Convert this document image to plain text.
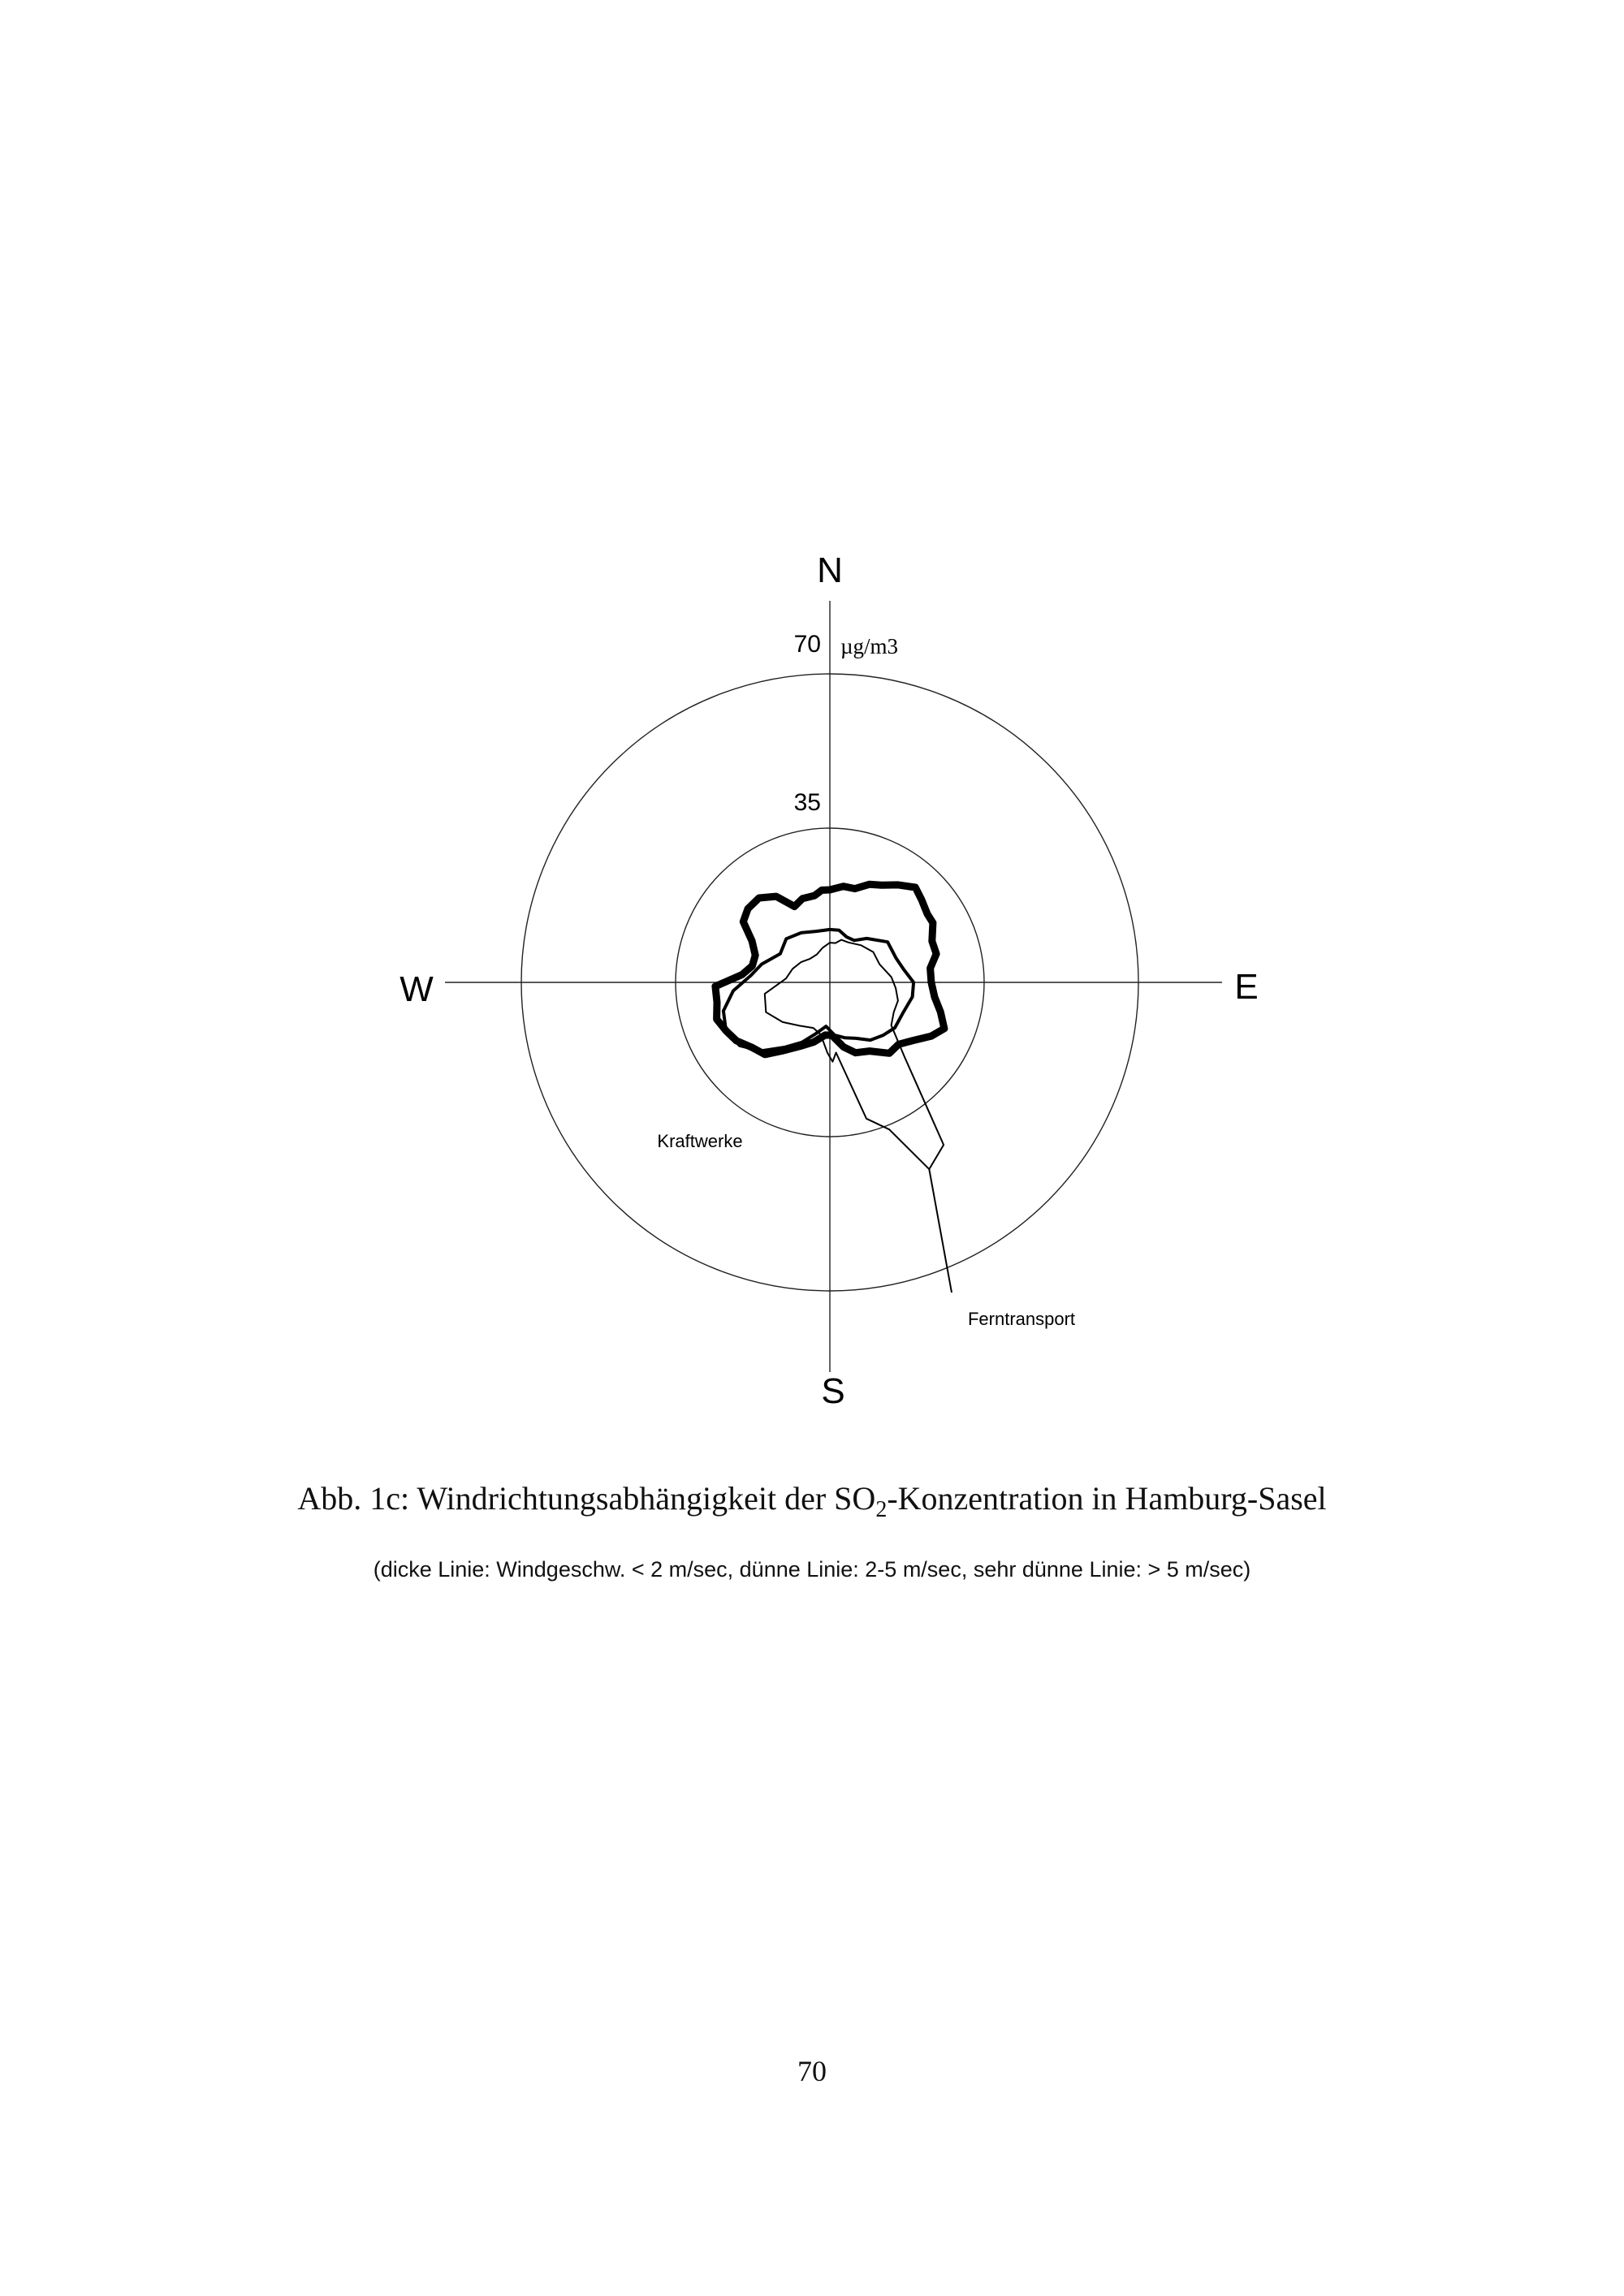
N
S
E
W
70
35
µg/m3
Kraftwerke
Ferntransport
Abb. 1c: Windrichtungsabhängigkeit der $SO_2$-Konzentration in Hamburg-Sasel
(dicke Linie: Windgeschw. < 2 m/sec, dünne Linie: 2-5 m/sec, sehr dünne Linie: > 5 m/sec)
70
